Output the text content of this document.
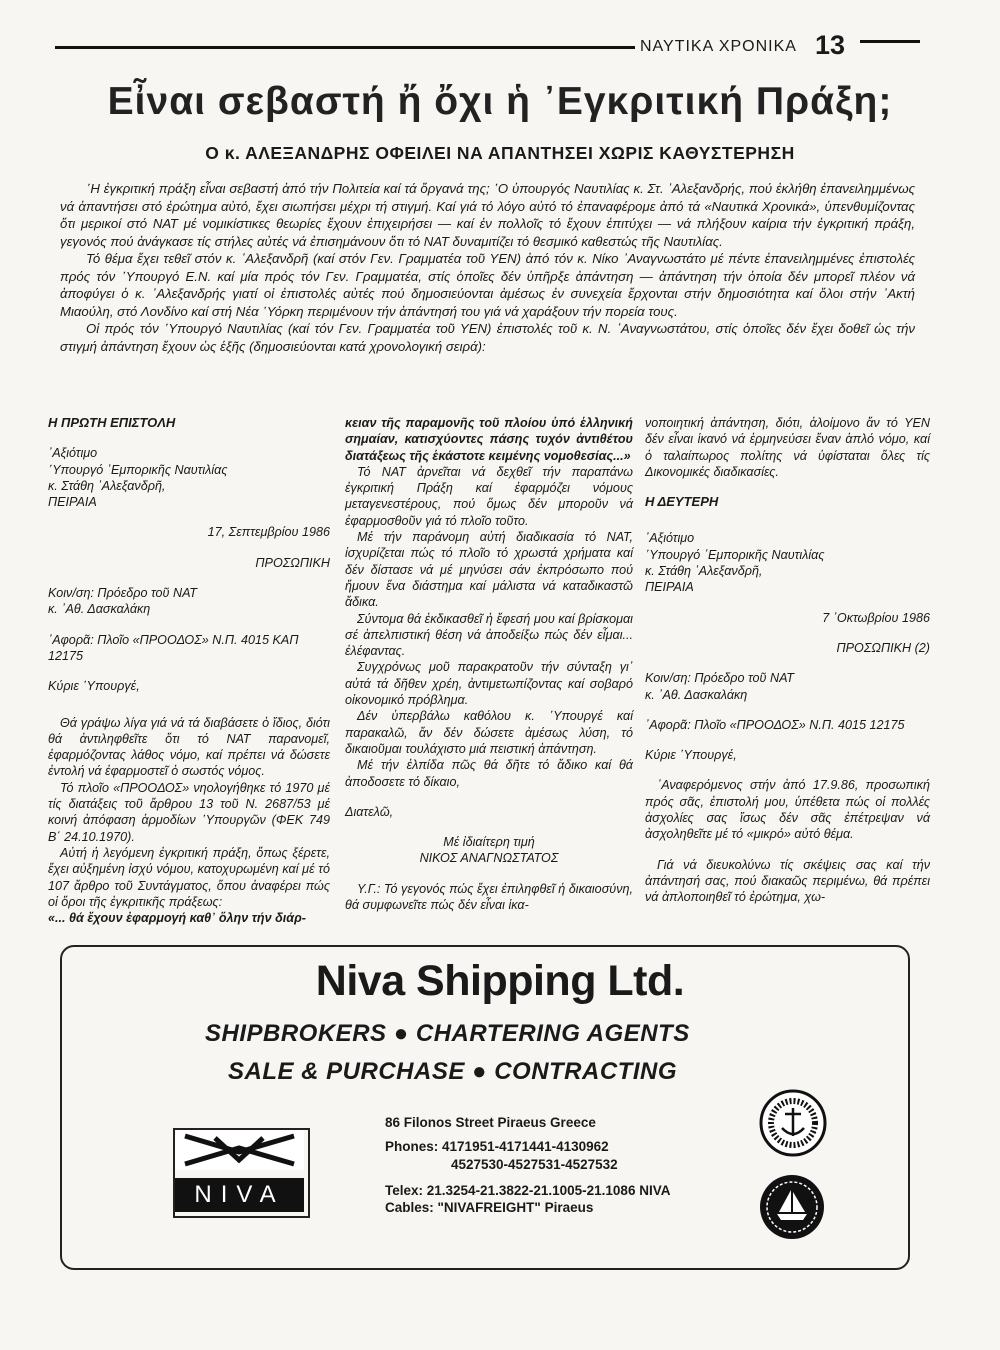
ΝΑΥΤΙΚΑ ΧΡΟΝΙΚΑ 13
Εἶναι σεβαστή ἤ ὄχι ἡ ᾿Εγκριτική Πράξη;
Ο κ. ΑΛΕΞΑΝΔΡΗΣ ΟΦΕΙΛΕΙ ΝΑ ΑΠΑΝΤΗΣΕΙ ΧΩΡΙΣ ΚΑΘΥΣΤΕΡΗΣΗ

῾Η ἐγκριτική πράξη εἶναι σεβαστή ἀπό τήν Πολιτεία καί τά ὄργανά της; ῾Ο ὑπουργός Ναυτιλίας κ. Στ. ᾿Αλεξανδρής, πού ἐκλήθη ἐπανειλημμένως νά ἀπαντήσει στό ἐρώτημα αὐτό, ἔχει σιωπήσει μέχρι τή στιγμή. Καί γιά τό λόγο αὐτό τό ἐπαναφέρομε ἀπό τά «Ναυτικά Χρονικά», ὑπενθυμίζοντας ὅτι μερικοί στό ΝΑΤ μέ νομικίστικες θεωρίες ἔχουν ἐπιχειρήσει — καί ἐν πολλοῖς τό ἔχουν ἐπιτύχει — νά πλήξουν καίρια τήν ἐγκριτική πράξη, γεγονός πού ἀνάγκασε τίς στήλες αὐτές νά ἐπισημάνουν ὅτι τό ΝΑΤ δυναμιτίζει τό θεσμικό καθεστώς τῆς Ναυτιλίας.

Τό θέμα ἔχει τεθεῖ στόν κ. ᾿Αλεξανδρῆ (καί στόν Γεν. Γραμματέα τοῦ ΥΕΝ) ἀπό τόν κ. Νίκο ᾿Αναγνωστάτο μέ πέντε ἐπανειλημμένες ἐπιστολές πρός τόν ῾Υπουργό Ε.Ν. καί μία πρός τόν Γεν. Γραμματέα, στίς ὁποῖες δέν ὑπῆρξε ἀπάντηση — ἀπάντηση τήν ὁποία δέν μπορεῖ πλέον νά ἀποφύγει ὁ κ. ᾿Αλεξανδρής γιατί οἱ ἐπιστολές αὐτές πού δημοσιεύονται ἀμέσως ἐν συνεχεία ἔρχονται στήν δημοσιότητα καί ὅλοι στήν ᾿Ακτή Μιαούλη, στό Λονδίνο καί στή Νέα ῾Υόρκη περιμένουν τήν ἀπάντησή του γιά νά χαράξουν τήν πορεία τους.

Οἱ πρός τόν ῾Υπουργό Ναυτιλίας (καί τόν Γεν. Γραμματέα τοῦ ΥΕΝ) ἐπιστολές τοῦ κ. Ν. ᾿Αναγνωστάτου, στίς ὁποῖες δέν ἔχει δοθεῖ ὡς τήν στιγμή ἀπάντηση ἔχουν ὡς ἑξῆς (δημοσιεύονται κατά χρονολογική σειρά):

Η ΠΡΩΤΗ ΕΠΙΣΤΟΛΗ

᾿Αξιότιμο

῾Υπουργό ᾿Εμπορικῆς Ναυτιλίας

κ. Στάθη ᾿Αλεξανδρῆ,

ΠΕΙΡΑΙΑ

17, Σεπτεμβρίου 1986

ΠΡΟΣΩΠΙΚΗ

Κοιν/ση: Πρόεδρο τοῦ ΝΑΤ

κ. ᾿Αθ. Δασκαλάκη

᾿Αφορᾶ: Πλοῖο «ΠΡΟΟΔΟΣ» Ν.Π. 4015 ΚΑΠ 12175

Κύριε ῾Υπουργέ,

Θά γράψω λίγα γιά νά τά διαβάσετε ὁ ἴδιος, διότι θά ἀντιληφθεῖτε ὅτι τό ΝΑΤ παρανομεῖ, ἐφαρμόζοντας λάθος νόμο, καί πρέπει νά δώσετε ἐντολή νά ἐφαρμοστεῖ ὁ σωστός νόμος.

Τό πλοῖο «ΠΡΟΟΔΟΣ» νηολογήθηκε τό 1970 μέ τίς διατάξεις τοῦ ἄρθρου 13 τοῦ Ν. 2687/53 μέ κοινή ἀπόφαση ἁρμοδίων ῾Υπουργῶν (ΦΕΚ 749 Β΄ 24.10.1970).

Αὐτή ἡ λεγόμενη ἐγκριτική πράξη, ὅπως ξέρετε, ἔχει αὐξημένη ἰσχύ νόμου, κατοχυρωμένη καί μέ τό 107 ἄρθρο τοῦ Συντάγματος, ὅπου ἀναφέρει πώς οἱ ὅροι τῆς ἐγκριτικῆς πράξεως:

«... θά ἔχουν ἐφαρμογή καθ᾿ ὅλην τήν διάρ-

κειαν τῆς παραμονῆς τοῦ πλοίου ὑπό ἑλληνική σημαίαν, κατισχύοντες πάσης τυχόν ἀντιθέτου διατάξεως τῆς ἑκάστοτε κειμένης νομοθεσίας...»

Τό ΝΑΤ ἀρνεῖται νά δεχθεῖ τήν παραπάνω ἐγκριτική Πράξη καί ἐφαρμόζει νόμους μεταγενεστέρους, πού ὅμως δέν μποροῦν νά ἐφαρμοσθοῦν γιά τό πλοῖο τοῦτο.

Μέ τήν παράνομη αὐτή διαδικασία τό ΝΑΤ, ἰσχυρίζεται πώς τό πλοῖο τό χρωστά χρήματα καί δέν δίστασε νά μέ μηνύσει σάν ἐκπρόσωπο πού ἤμουν ἕνα διάστημα καί μάλιστα νά καταδικαστῶ ἄδικα.

Σύντομα θά ἐκδικασθεῖ ἡ ἔφεσή μου καί βρίσκομαι σέ ἀπελπιστική θέση νά ἀποδείξω πώς δέν εἶμαι... ἐλέφαντας.

Συγχρόνως μοῦ παρακρατοῦν τήν σύνταξη γι᾿ αὐτά τά δῆθεν χρέη, ἀντιμετωπίζοντας καί σοβαρό οἰκονομικό πρόβλημα.

Δέν ὑπερβάλω καθόλου κ. ῾Υπουργέ καί παρακαλῶ, ἄν δέν δώσετε ἀμέσως λύση, τό δικαιοῦμαι τουλάχιστο μιά πειστική ἀπάντηση.

Μέ τήν ἐλπίδα πῶς θά δῆτε τό ἄδικο καί θά ἀποδοσετε τό δίκαιο,

Διατελῶ,

Μέ ἰδιαίτερη τιμή

ΝΙΚΟΣ ΑΝΑΓΝΩΣΤΑΤΟΣ

Υ.Γ.: Τό γεγονός πώς ἔχει ἐπιληφθεῖ ἡ δικαιοσύνη, θά συμφωνεῖτε πώς δέν εἶναι ἱκα-

νοποιητική ἀπάντηση, διότι, ἀλοίμονο ἄν τό ΥΕΝ δέν εἶναι ἱκανό νά ἑρμηνεύσει ἕναν ἁπλό νόμο, καί ὁ ταλαίπωρος πολίτης νά ὑφίσταται ὅλες τίς Δικονομικές διαδικασίες.

Η ΔΕΥΤΕΡΗ

᾿Αξιότιμο

῾Υπουργό ᾿Εμπορικῆς Ναυτιλίας

κ. Στάθη ᾿Αλεξανδρῆ,

ΠΕΙΡΑΙΑ

7 ᾿Οκτωβρίου 1986

ΠΡΟΣΩΠΙΚΗ (2)

Κοιν/ση: Πρόεδρο τοῦ ΝΑΤ

κ. ᾿Αθ. Δασκαλάκη

᾿Αφορᾶ: Πλοῖο «ΠΡΟΟΔΟΣ» Ν.Π. 4015 12175

Κύριε ῾Υπουργέ,

᾿Αναφερόμενος στήν ἀπό 17.9.86, προσωπική πρός σᾶς, ἐπιστολή μου, ὑπέθετα πώς οἱ πολλές ἀσχολίες σας ἴσως δέν σᾶς ἐπέτρεψαν νά ἀσχοληθεῖτε μέ τό «μικρό» αὐτό θέμα.

Γιά νά διευκολύνω τίς σκέψεις σας καί τήν ἀπάντησή σας, πού διακαῶς περιμένω, θά πρέπει νά ἀπλοποιηθεῖ τό ἐρώτημα, χω-

Niva Shipping Ltd.
SHIPBROKERS ● CHARTERING AGENTS
SALE & PURCHASE ● CONTRACTING
NIVA
86 Filonos Street Piraeus Greece
Phones: 4171951-4171441-4130962
4527530-4527531-4527532
Telex: 21.3254-21.3822-21.1005-21.1086 NIVA
Cables: "NIVAFREIGHT" Piraeus
